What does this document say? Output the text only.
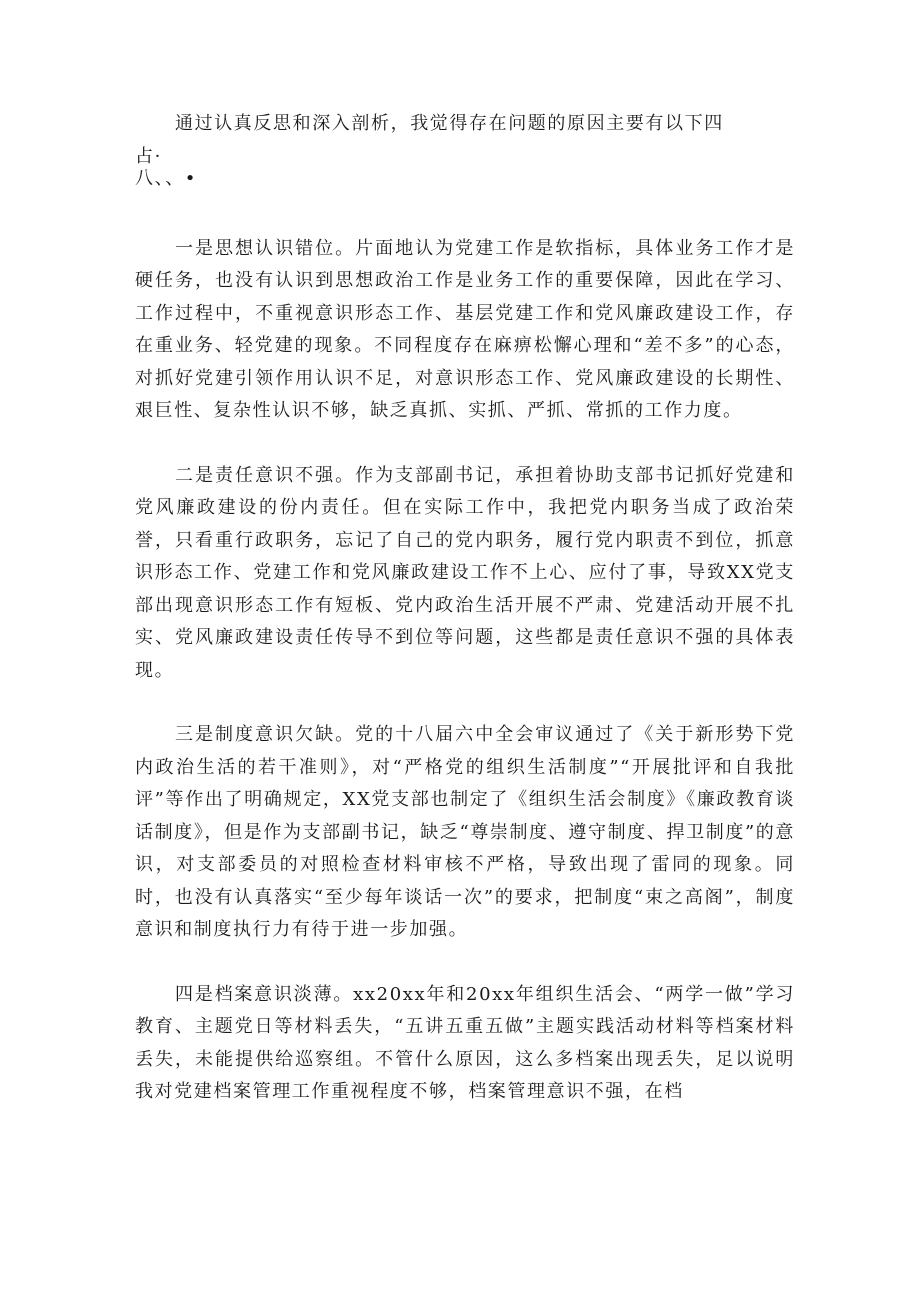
通过认真反思和深入剖析，我觉得存在问题的原因主要有以下四

占·

八、、•

一是思想认识错位。片面地认为党建工作是软指标，具体业务工作才是硬任务，也没有认识到思想政治工作是业务工作的重要保障，因此在学习、工作过程中，不重视意识形态工作、基层党建工作和党风廉政建设工作，存在重业务、轻党建的现象。不同程度存在麻痹松懈心理和“差不多”的心态，对抓好党建引领作用认识不足，对意识形态工作、党风廉政建设的长期性、艰巨性、复杂性认识不够，缺乏真抓、实抓、严抓、常抓的工作力度。

二是责任意识不强。作为支部副书记，承担着协助支部书记抓好党建和党风廉政建设的份内责任。但在实际工作中，我把党内职务当成了政治荣誉，只看重行政职务，忘记了自己的党内职务，履行党内职责不到位，抓意识形态工作、党建工作和党风廉政建设工作不上心、应付了事，导致XX党支部出现意识形态工作有短板、党内政治生活开展不严肃、党建活动开展不扎实、党风廉政建设责任传导不到位等问题，这些都是责任意识不强的具体表现。

三是制度意识欠缺。党的十八届六中全会审议通过了《关于新形势下党内政治生活的若干准则》，对“严格党的组织生活制度”“开展批评和自我批评”等作出了明确规定，XX党支部也制定了《组织生活会制度》《廉政教育谈话制度》，但是作为支部副书记，缺乏“尊崇制度、遵守制度、捍卫制度”的意识，对支部委员的对照检查材料审核不严格，导致出现了雷同的现象。同时，也没有认真落实“至少每年谈话一次”的要求，把制度“束之高阁”，制度意识和制度执行力有待于进一步加强。

四是档案意识淡薄。xx20xx年和20xx年组织生活会、“两学一做”学习教育、主题党日等材料丢失，“五讲五重五做”主题实践活动材料等档案材料丢失，未能提供给巡察组。不管什么原因，这么多档案出现丢失，足以说明我对党建档案管理工作重视程度不够，档案管理意识不强，在档
